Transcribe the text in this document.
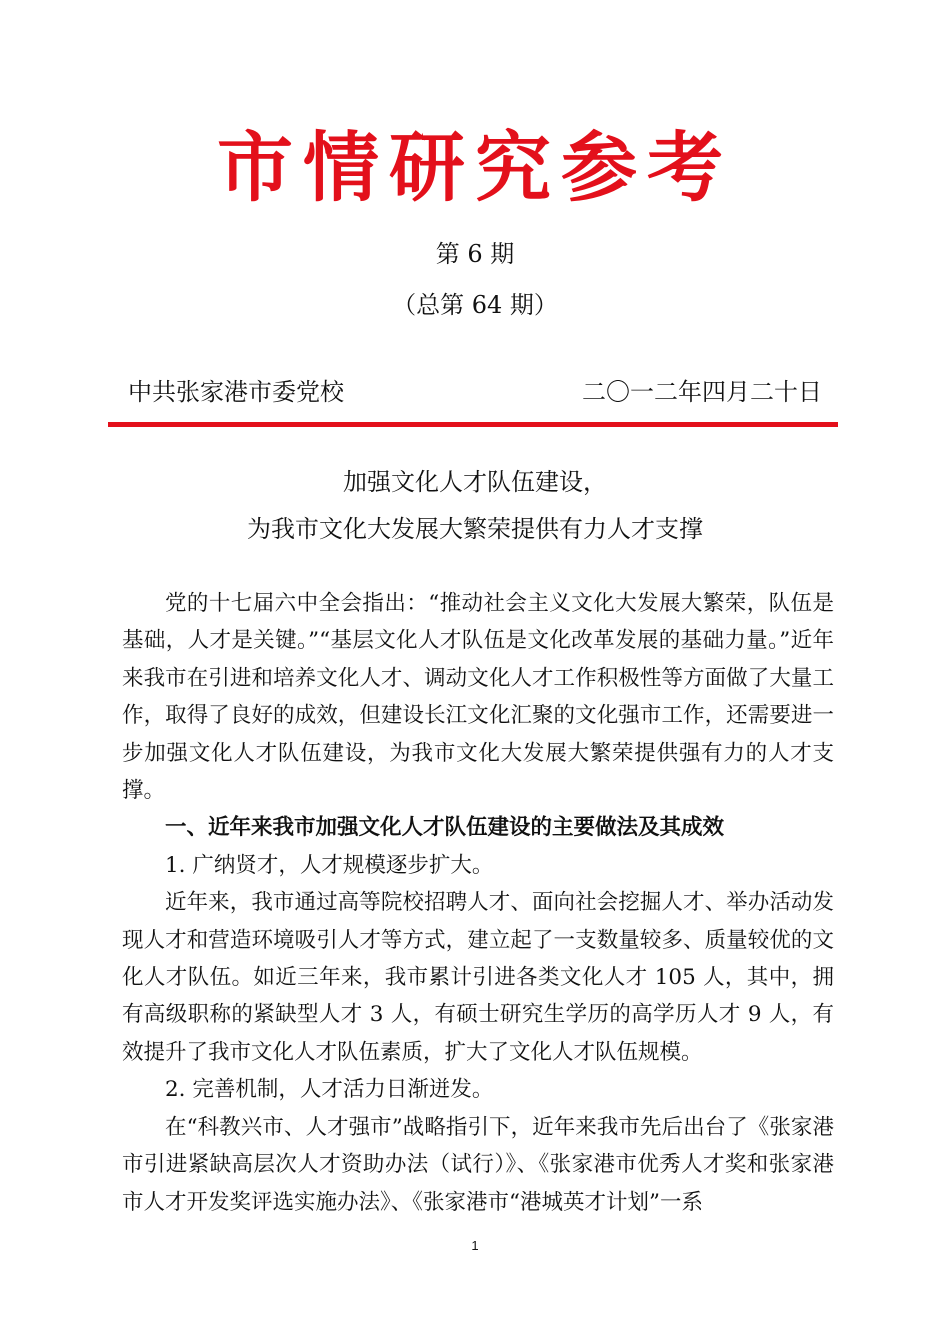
市情研究参考
第 6 期
（总第 64 期）
中共张家港市委党校	二〇一二年四月二十日
加强文化人才队伍建设，
为我市文化大发展大繁荣提供有力人才支撑

党的十七届六中全会指出：“推动社会主义文化大发展大繁荣，队伍是基础，人才是关键。”“基层文化人才队伍是文化改革发展的基础力量。”近年来我市在引进和培养文化人才、调动文化人才工作积极性等方面做了大量工作，取得了良好的成效，但建设长江文化汇聚的文化强市工作，还需要进一步加强文化人才队伍建设，为我市文化大发展大繁荣提供强有力的人才支撑。

一、近年来我市加强文化人才队伍建设的主要做法及其成效

1. 广纳贤才，人才规模逐步扩大。

近年来，我市通过高等院校招聘人才、面向社会挖掘人才、举办活动发现人才和营造环境吸引人才等方式，建立起了一支数量较多、质量较优的文化人才队伍。如近三年来，我市累计引进各类文化人才 105 人，其中，拥有高级职称的紧缺型人才 3 人，有硕士研究生学历的高学历人才 9 人，有效提升了我市文化人才队伍素质，扩大了文化人才队伍规模。

2. 完善机制，人才活力日渐迸发。

在“科教兴市、人才强市”战略指引下，近年来我市先后出台了《张家港市引进紧缺高层次人才资助办法（试行）》、《张家港市优秀人才奖和张家港市人才开发奖评选实施办法》、《张家港市“港城英才计划”一系

1
